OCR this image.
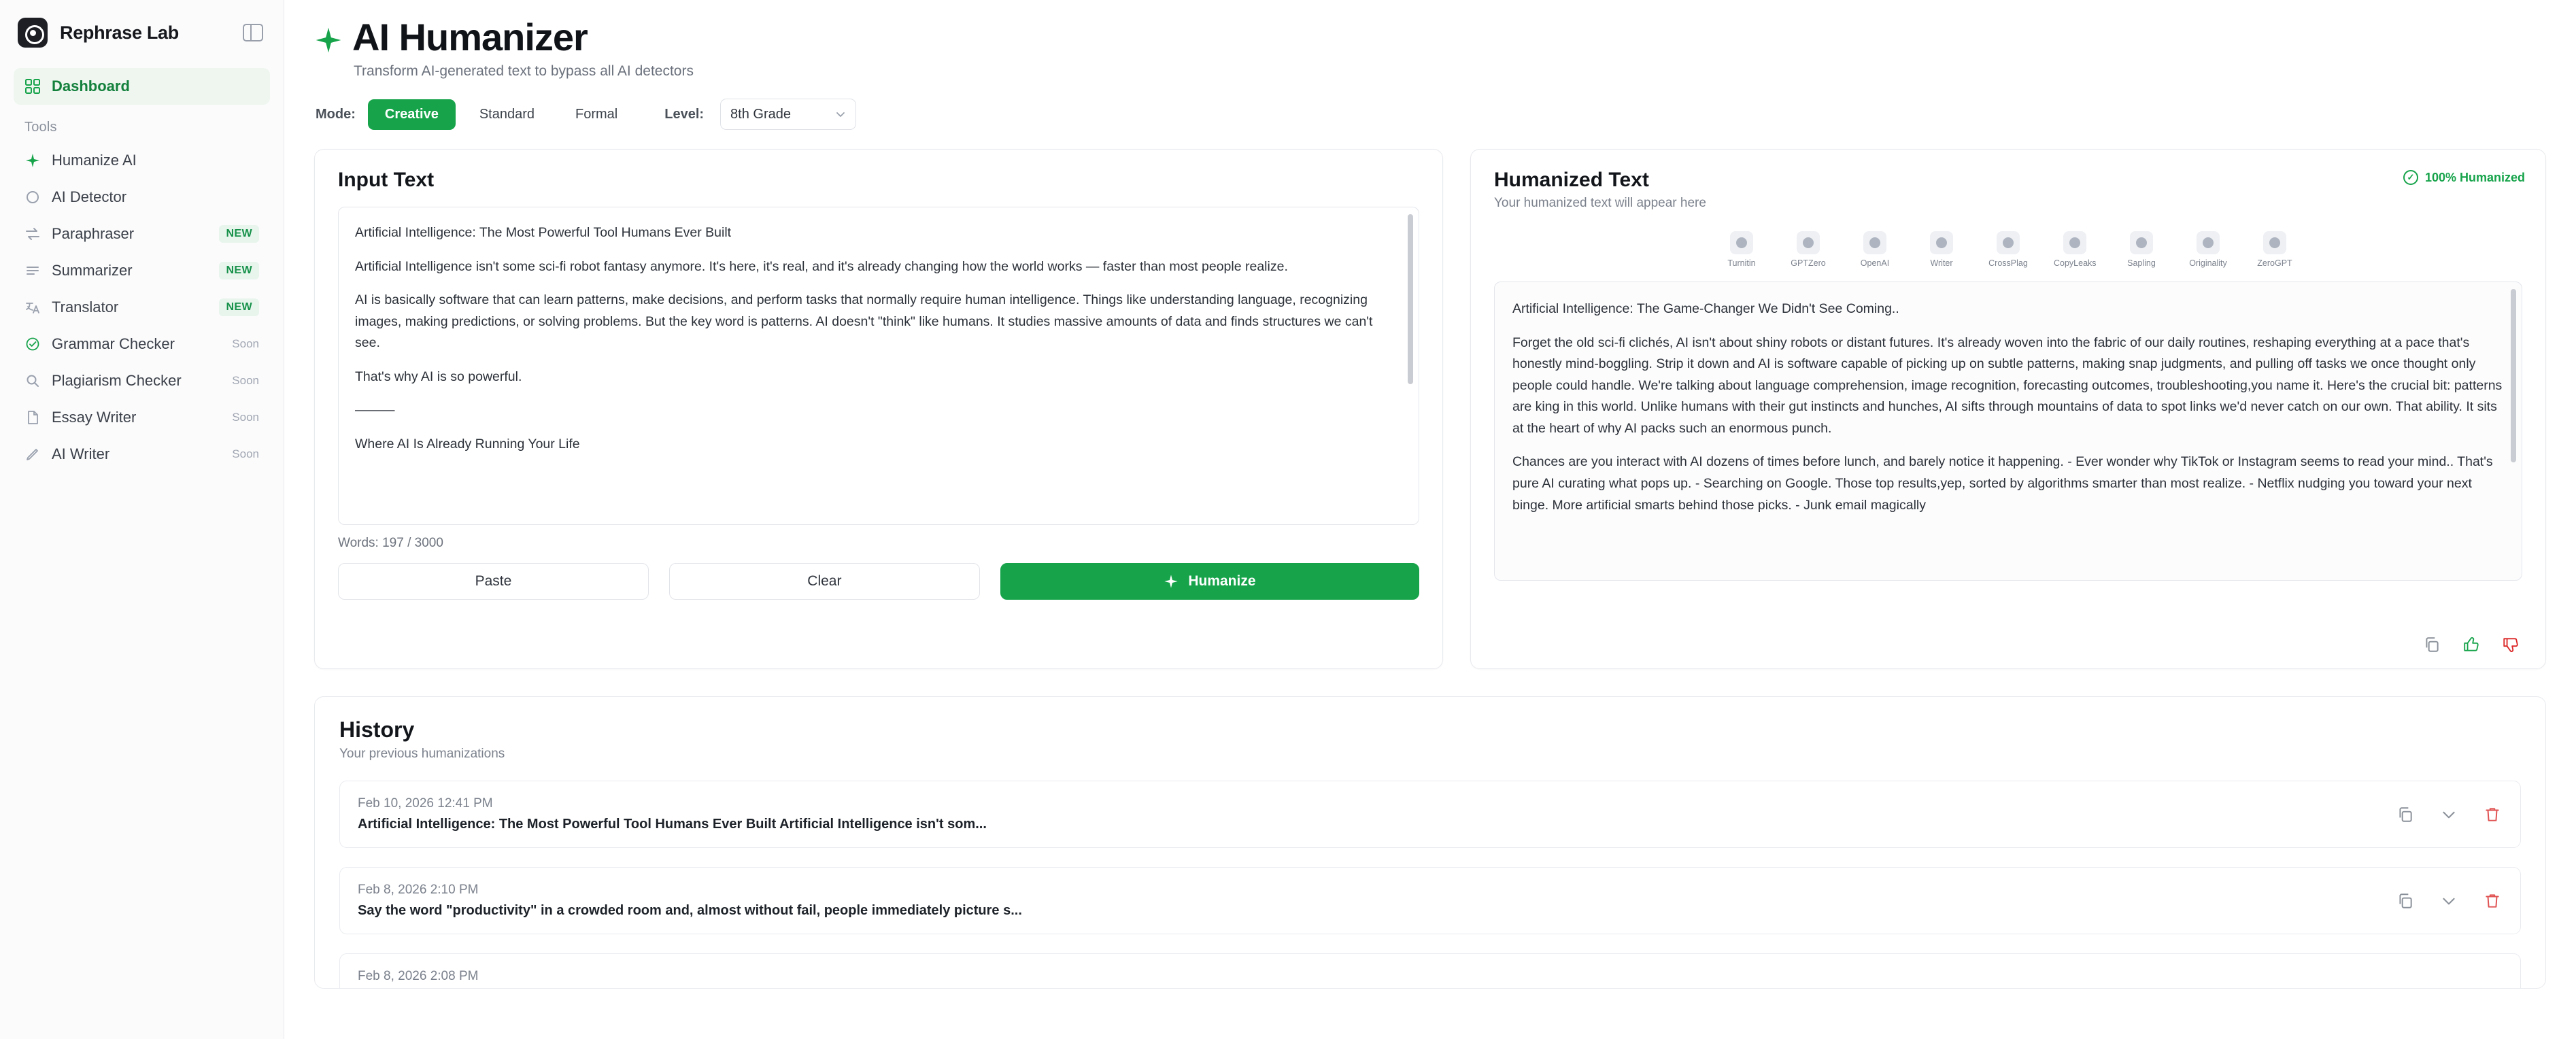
Rephrase Lab
Dashboard
Tools
Humanize AI
AI Detector
Paraphraser	NEW
Summarizer	NEW
Translator	NEW
Grammar Checker	Soon
Plagiarism Checker	Soon
Essay Writer	Soon
AI Writer	Soon
AI Humanizer
Transform AI-generated text to bypass all AI detectors
Mode:	Creative	Standard	Formal	Level: 8th Grade
Input Text

Artificial Intelligence: The Most Powerful Tool Humans Ever Built

Artificial Intelligence isn't some sci-fi robot fantasy anymore. It's here, it's real, and it's already changing how the world works — faster than most people realize.

AI is basically software that can learn patterns, make decisions, and perform tasks that normally require human intelligence. Things like understanding language, recognizing images, making predictions, or solving problems. But the key word is patterns. AI doesn't "think" like humans. It studies massive amounts of data and finds structures we can't see.

That's why AI is so powerful.

———

Where AI Is Already Running Your Life

Words: 197 / 3000
Paste	Clear	Humanize
Humanized Text
Your humanized text will appear here
✓ 100% Humanized
Turnitin	GPTZero	OpenAI	Writer	CrossPlag	CopyLeaks	Sapling	Originality	ZeroGPT

Artificial Intelligence: The Game-Changer We Didn't See Coming..

Forget the old sci-fi clichés, AI isn't about shiny robots or distant futures. It's already woven into the fabric of our daily routines, reshaping everything at a pace that's honestly mind-boggling. Strip it down and AI is software capable of picking up on subtle patterns, making snap judgments, and pulling off tasks we once thought only people could handle. We're talking about language comprehension, image recognition, forecasting outcomes, troubleshooting,you name it. Here's the crucial bit: patterns are king in this world. Unlike humans with their gut instincts and hunches, AI sifts through mountains of data to spot links we'd never catch on our own. That ability. It sits at the heart of why AI packs such an enormous punch.

Chances are you interact with AI dozens of times before lunch, and barely notice it happening. - Ever wonder why TikTok or Instagram seems to read your mind.. That's pure AI curating what pops up. - Searching on Google. Those top results,yep, sorted by algorithms smarter than most realize. - Netflix nudging you toward your next binge. More artificial smarts behind those picks. - Junk email magically

History
Your previous humanizations
Feb 10, 2026 12:41 PM
Artificial Intelligence: The Most Powerful Tool Humans Ever Built Artificial Intelligence isn't som...
Feb 8, 2026 2:10 PM
Say the word "productivity" in a crowded room and, almost without fail, people immediately picture s...
Feb 8, 2026 2:08 PM
